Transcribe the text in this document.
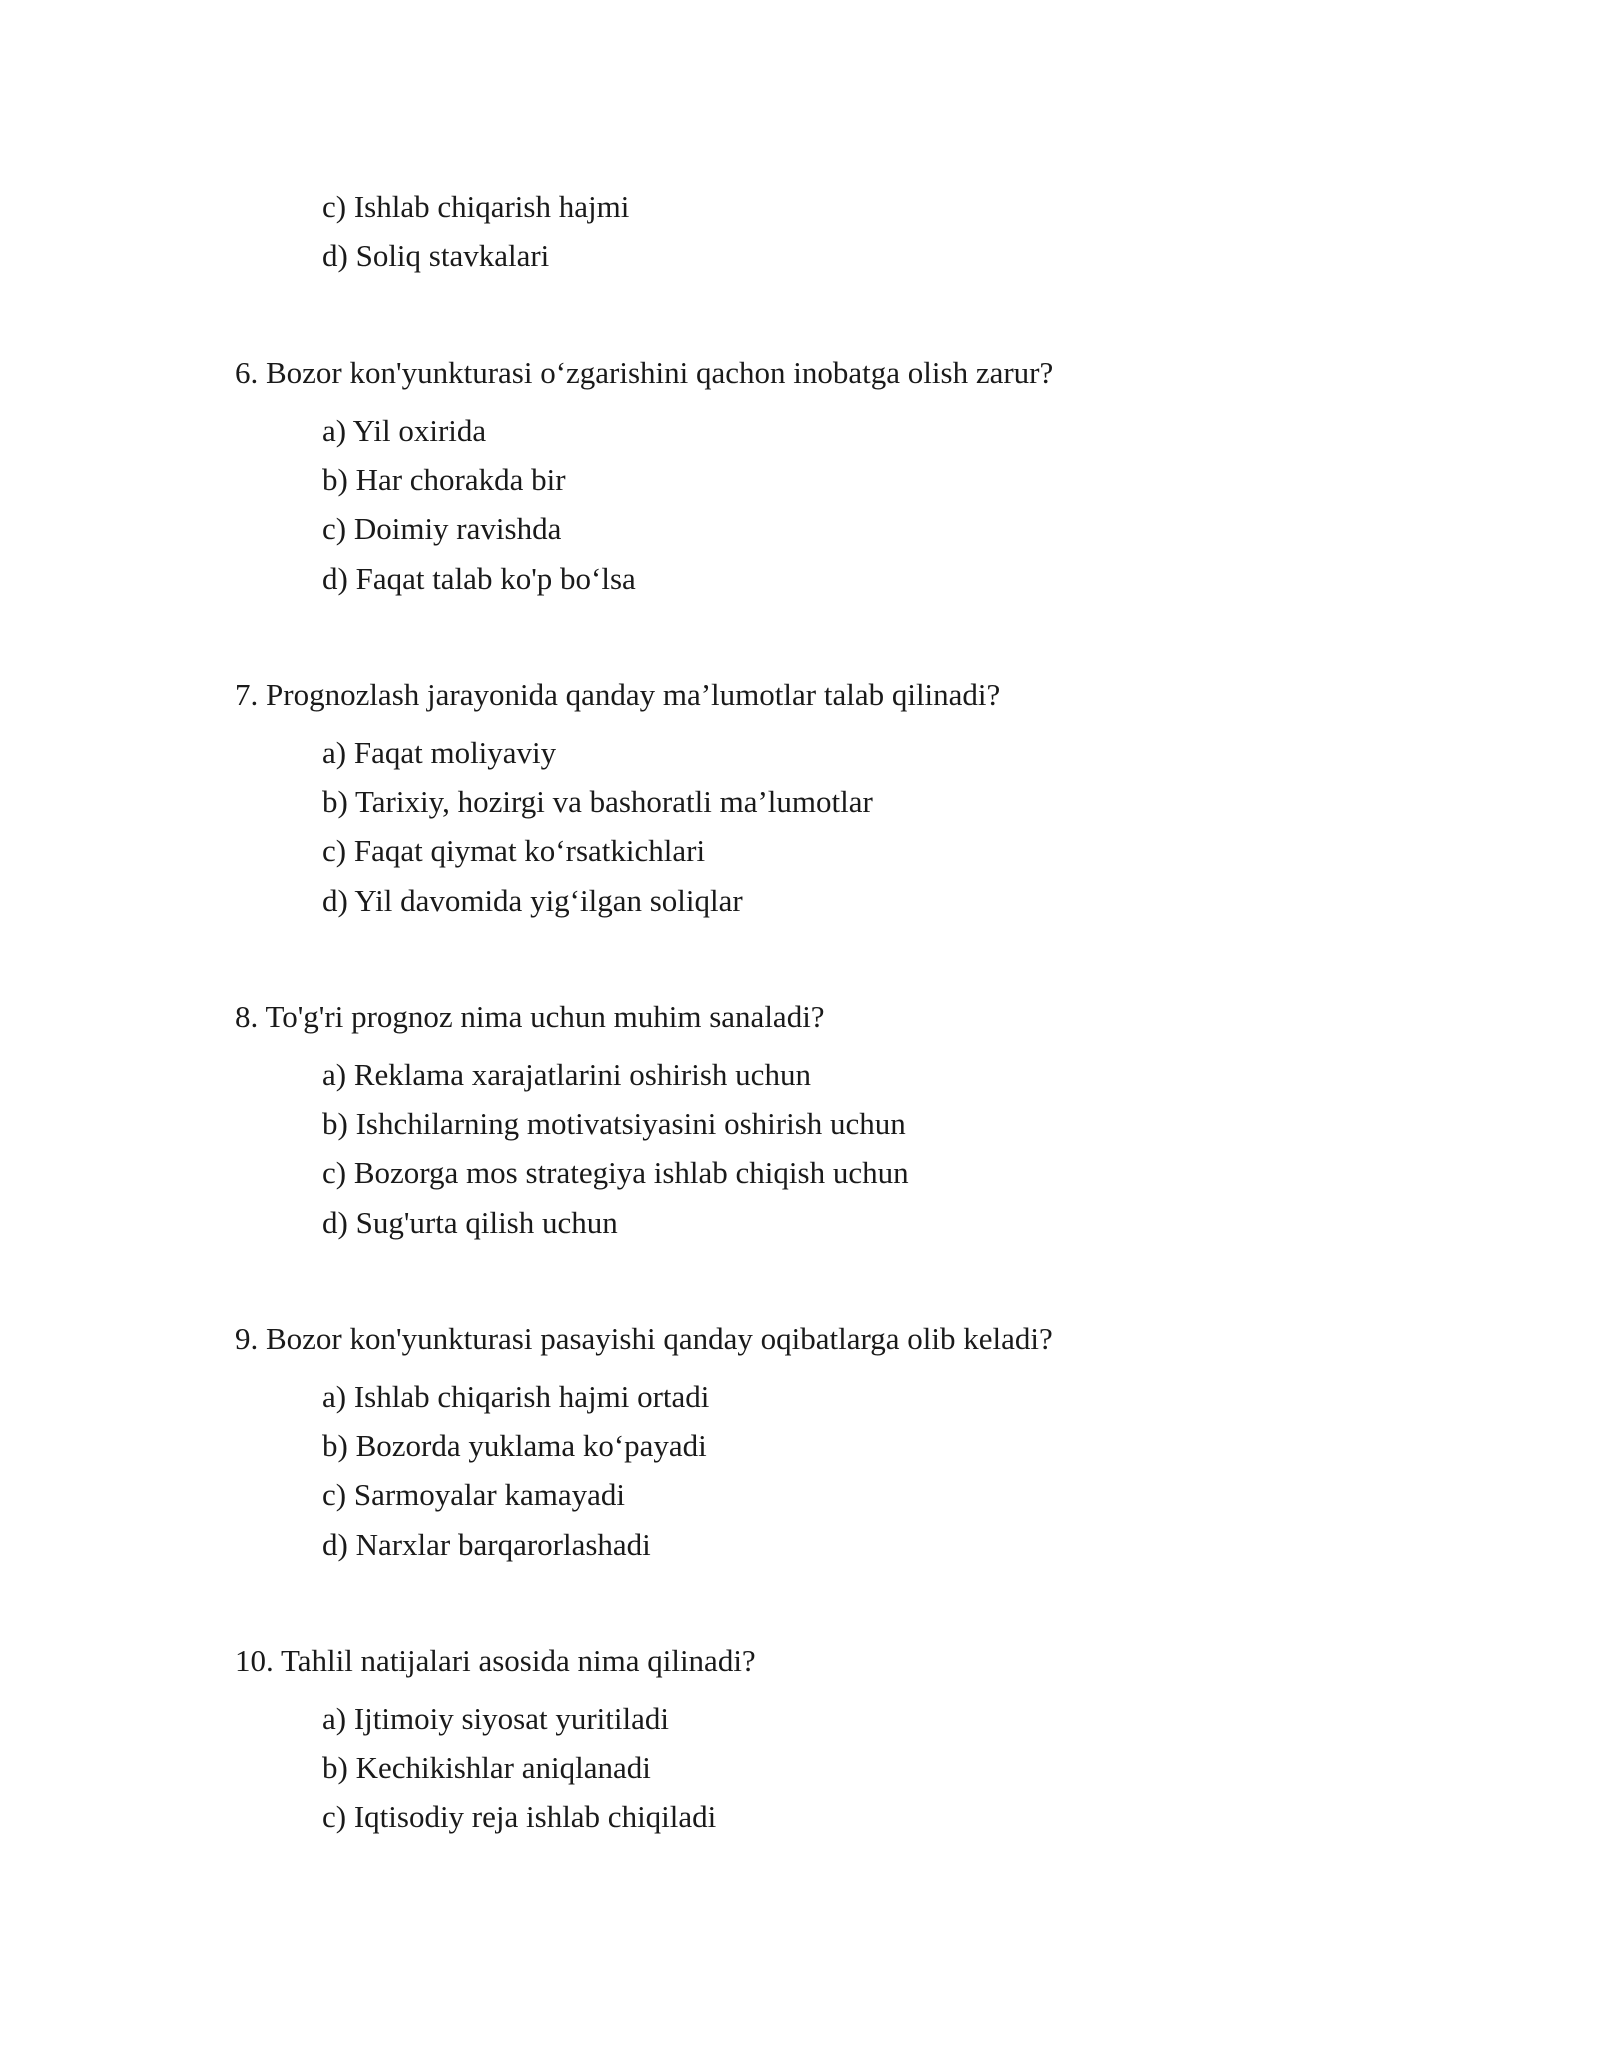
c) Ishlab chiqarish hajmi
d) Soliq stavkalari
6. Bozor kon'yunkturasi o‘zgarishini qachon inobatga olish zarur?
a) Yil oxirida
b) Har chorakda bir
c) Doimiy ravishda
d) Faqat talab ko'p bo‘lsa
7. Prognozlash jarayonida qanday ma’lumotlar talab qilinadi?
a) Faqat moliyaviy
b) Tarixiy, hozirgi va bashoratli ma’lumotlar
c) Faqat qiymat ko‘rsatkichlari
d) Yil davomida yig‘ilgan soliqlar
8. To'g'ri prognoz nima uchun muhim sanaladi?
a) Reklama xarajatlarini oshirish uchun
b) Ishchilarning motivatsiyasini oshirish uchun
c) Bozorga mos strategiya ishlab chiqish uchun
d) Sug'urta qilish uchun
9. Bozor kon'yunkturasi pasayishi qanday oqibatlarga olib keladi?
a) Ishlab chiqarish hajmi ortadi
b) Bozorda yuklama ko‘payadi
c) Sarmoyalar kamayadi
d) Narxlar barqarorlashadi
10. Tahlil natijalari asosida nima qilinadi?
a) Ijtimoiy siyosat yuritiladi
b) Kechikishlar aniqlanadi
c) Iqtisodiy reja ishlab chiqiladi
